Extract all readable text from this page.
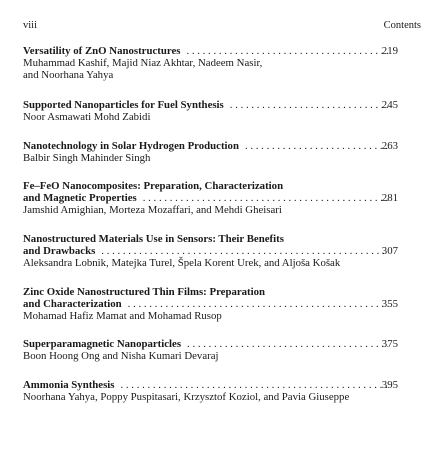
viii	Contents
Versatility of ZnO Nanostructures
. . .
Muhammad Kashif, Majid Niaz Akhtar, Nadeem Nasir,
and Noorhana Yahya
219
Supported Nanoparticles for Fuel Synthesis
. . .
Noor Asmawati Mohd Zabidi
245
Nanotechnology in Solar Hydrogen Production
. . .
Balbir Singh Mahinder Singh
263
Fe–FeO Nanocomposites: Preparation, Characterization
and Magnetic Properties
. . .
Jamshid Amighian, Morteza Mozaffari, and Mehdi Gheisari
281
Nanostructured Materials Use in Sensors: Their Benefits
and Drawbacks
. . .
Aleksandra Lobnik, Matejka Turel, Špela Korent Urek, and Aljoša Košak
307
Zinc Oxide Nanostructured Thin Films: Preparation
and Characterization
. . .
Mohamad Hafiz Mamat and Mohamad Rusop
355
Superparamagnetic Nanoparticles
. . .
Boon Hoong Ong and Nisha Kumari Devaraj
375
Ammonia Synthesis
. . .
Noorhana Yahya, Poppy Puspitasari, Krzysztof Koziol, and Pavia Giuseppe
395
